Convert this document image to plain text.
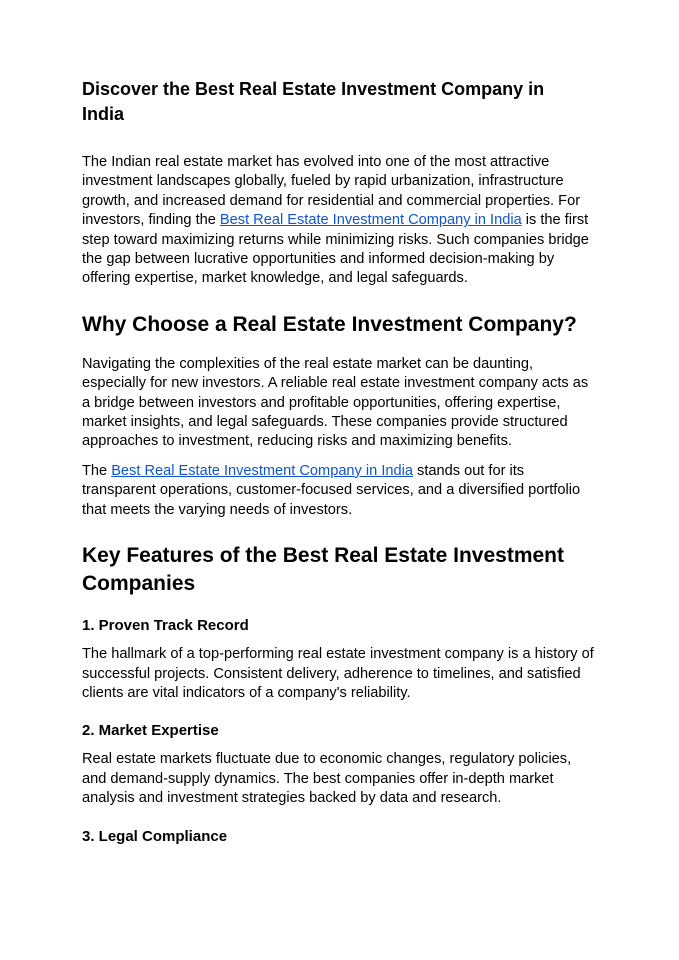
Discover the Best Real Estate Investment Company in India

The Indian real estate market has evolved into one of the most attractive investment landscapes globally, fueled by rapid urbanization, infrastructure growth, and increased demand for residential and commercial properties. For investors, finding the Best Real Estate Investment Company in India is the first step toward maximizing returns while minimizing risks. Such companies bridge the gap between lucrative opportunities and informed decision-making by offering expertise, market knowledge, and legal safeguards.

Why Choose a Real Estate Investment Company?

Navigating the complexities of the real estate market can be daunting, especially for new investors. A reliable real estate investment company acts as a bridge between investors and profitable opportunities, offering expertise, market insights, and legal safeguards. These companies provide structured approaches to investment, reducing risks and maximizing benefits.

The Best Real Estate Investment Company in India stands out for its transparent operations, customer-focused services, and a diversified portfolio that meets the varying needs of investors.

Key Features of the Best Real Estate Investment Companies
1. Proven Track Record

The hallmark of a top-performing real estate investment company is a history of successful projects. Consistent delivery, adherence to timelines, and satisfied clients are vital indicators of a company's reliability.

2. Market Expertise

Real estate markets fluctuate due to economic changes, regulatory policies, and demand-supply dynamics. The best companies offer in-depth market analysis and investment strategies backed by data and research.

3. Legal Compliance
